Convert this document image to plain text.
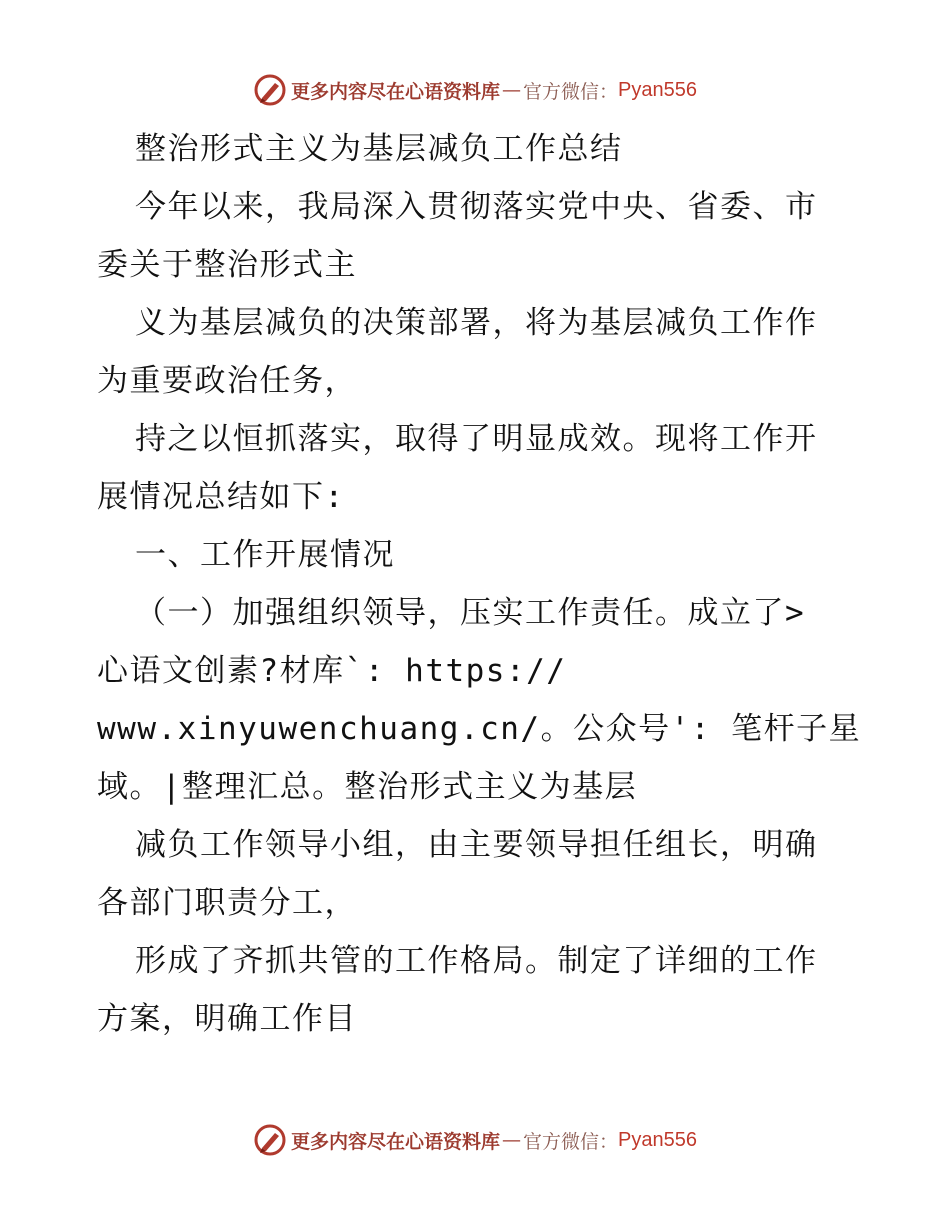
更多内容尽在心语资料库 — 官方微信： Pyan556
整治形式主义为基层减负工作总结
今年以来，我局深入贯彻落实党中央、省委、市
委关于整治形式主
义为基层减负的决策部署，将为基层减负工作作
为重要政治任务，
持之以恒抓落实，取得了明显成效。现将工作开
展情况总结如下:
一、工作开展情况
（一）加强组织领导，压实工作责任。成立了>
心语文创素?材库`: https://
www.xinyuwenchuang.cn/。公众号': 笔杆子星
域。|整理汇总。整治形式主义为基层
减负工作领导小组，由主要领导担任组长，明确
各部门职责分工，
形成了齐抓共管的工作格局。制定了详细的工作
方案，明确工作目
更多内容尽在心语资料库 — 官方微信： Pyan556
